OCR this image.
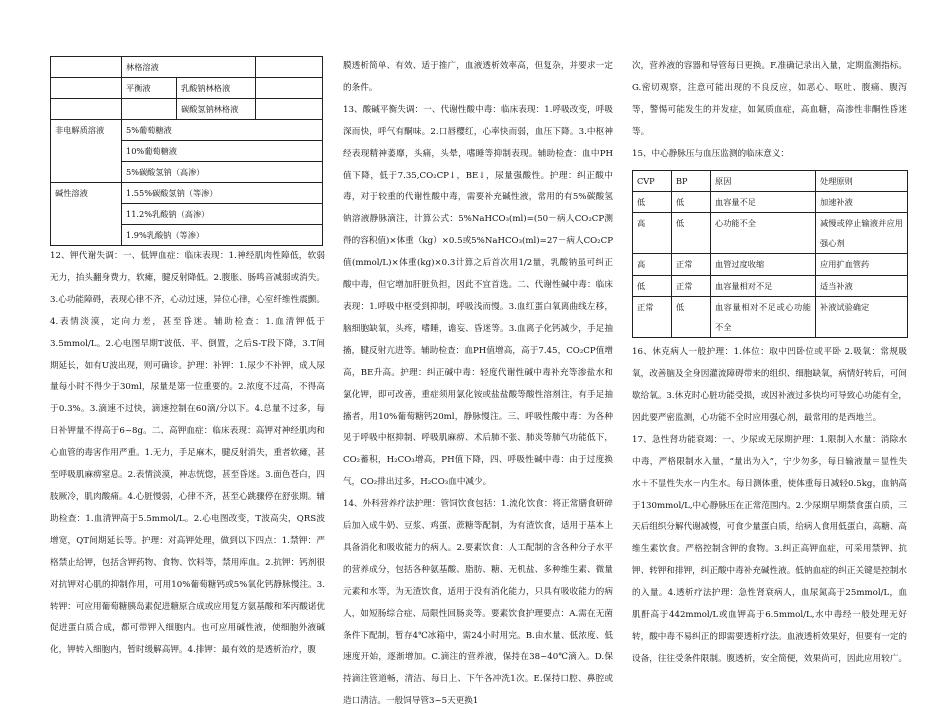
	林格溶液		
	平衡液	乳酸钠林格液	
		碳酸氢钠林格液	
非电解质溶液	5%葡萄糖液		
	10%葡萄糖液		
	5%碳酸氢钠（高渗）		
碱性溶液	1.55%碳酸氢钠（等渗）		
	11.2%乳酸钠（高渗）		
	1.9%乳酸钠（等渗）		

12、钾代谢失调：一、低钾血症：临床表现：1.神经肌肉性障低，软弱无力，抬头翻身费力，软瘫，腱反射降低。2.腹胀、肠鸣音减弱或消失。3.心功能障碍，表现心律不齐，心动过速，异位心律，心室纤维性震颤。4.表情淡漠，定向力差，甚至昏迷。辅助检查：1.血清钾低于3.5mmol/L。2.心电图早期T波低、平、倒置，之后S-T段下降，3.T间期延长，如有U波出现，则可确诊。护理：补钾：1.尿少不补钾，成人尿量每小时不得少于30ml，尿量是第一位重要的。2.浓度不过高，不得高于0.3%。3.滴速不过快，滴速控制在60滴/分以下。4.总量不过多，每日补钾量不得高于6~8g。二、高钾血症：临床表现：高钾对神经肌肉和心血管的毒害作用严重。1.无力，手足麻木，腱反射消失，重者软瘫，甚至呼吸肌麻痹窒息。2.表情淡漠，神志恍惚，甚至昏迷。3.面色苍白，四肢厥冷，肌肉酸痛。4.心脏慢弱，心律不齐，甚至心跳骤停在舒张期。辅助检查：1.血清钾高于5.5mmol/L。2.心电图改变，T波高尖，QRS波增宽，QT间期延长等。护理：对高钾处理，做到以下四点：1.禁钾：严格禁止给钾，包括含钾药物、食物、饮料等，禁用库血。2.抗钾：钙剂很对抗钾对心肌的抑制作用，可用10%葡萄糖钙或5%氧化钙静脉慢注。3.转钾：可应用葡萄糖胰岛素促进糖原合成或应用复方氨基酸和苯丙酸诺优促进蛋白质合成，都可带钾入细胞内。也可应用碱性液，使细胞外液碱化，钾转入细胞内，暂时缓解高钾。4.排钾：最有效的是透析治疗，腹

膜透析简单、有效、适于推广，血液透析效率高，但复杂，并要求一定的条件。

13、酸碱平衡失调：一、代谢性酸中毒：临床表现：1.呼吸改变，呼吸深而快，呼气有酮味。2.口唇樱红，心率快而弱，血压下降。3.中枢神经表现精神萎靡，头痛，头晕，嗜睡等抑制表现。辅助检查：血中PH值下降，低于7.35,CO₂CP↓，BE↓，尿量强酸性。护理：纠正酸中毒，对于较重的代谢性酸中毒，需要补充碱性液，常用的有5%碳酸氢钠溶液静脉滴注，计算公式：5%NaHCO₃(ml)=(50－病人CO₂CP测得的容积值)×体重（kg）×0.5或5%NaHCO₃(ml)=27－病人CO₂CP值(mmol/L)×体重(kg)×0.3计算之后首次用1/2量，乳酸钠虽可纠正酸中毒，但它增加肝脏负担，因此不宜首选。二、代谢性碱中毒：临床表现：1.呼吸中枢受到抑制，呼吸浅而慢。3.血红蛋白氧离曲线左移，脑细胞缺氧，头疼，嗜睡，谵妄、昏迷等。3.血离子化钙减少，手足抽搐，腱反射亢进等。辅助检查：血PH值增高，高于7.45，CO₂CP值增高，BE升高。护理：纠正碱中毒：轻度代谢性碱中毒补充等渗盐水和氯化钾，即可改善，重症须用氯化铵或盐盐酸等酸性溶剂注，有手足抽搐者，用10%葡萄糖钙20ml，静脉慢注。三、呼吸性酸中毒：为各种见于呼吸中枢抑制、呼吸肌麻痹、术后肺不张、肺炎等肺气功能低下，CO₂蓄积，H₂CO₃增高，PH值下降，四、呼吸性碱中毒：由于过度换气，CO₂排出过多，H₂CO₃血中减少。

14、外科营养疗法护理：管饲饮食包括：1.流化饮食：将正常膳食研碎后加入成牛奶、豆浆、鸡蛋、蔗糖等配制，为有渣饮食，适用于基本上具备消化和吸收能力的病人。2.要素饮食：人工配制的含各种分子水平的营养成分，包括各种氨基酸、脂肪、糖、无机盐、多种维生素、微量元素和水等，为无渣饮食，适用于没有消化能力，只具有吸收能力的病人，如短肠综合症、局限性回肠炎等。要素饮食护理要点：A.需在无菌条件下配制，暂存4℃冰箱中，需24小时用完。B.由水量、低浓度、低速度开始，逐渐增加。C.滴注的营养液，保持在38~40℃滴入。D.保持滴注管道畅，清洁、每日上、下午各冲洗1次。E.保持口腔、鼻腔或造口清洁。一般饲导管3~5天更换1

次，营养液的容器和导管每日更换。F.准确记录出入量，定期监测指标。G.密切观察，注意可能出现的不良反应，如恶心、呕吐、腹痛、腹泻等，警惕可能发生的并发症，如氮质血症，高血糖，高渗性非酮性昏迷等。

15、中心静脉压与血压监测的临床意义：

CVP	BP	原因	处理原则
低	低	血容量不足	加速补液
高	低	心功能不全	减慢或停止输液并应用强心剂
高	正常	血管过度收缩	应用扩血管药
低	正常	血容量相对不足	适当补液
正常	低	血容量相对不足或心功能不全	补液试验确定

16、休克病人一般护理：1.体位：取中凹卧位或平卧 2.吸氧：常规吸氧，改善脑及全身因灌流障碍带来的组织、细胞缺氧，病情好转后，可间歇给氧。3.休克时心脏功能受损，或因补液过多快均可导致心功能有全，因此要严密监测，心功能不全时应用强心剂，最常用的是西地兰。

17、急性肾功能衰竭：一、少尿或无尿期护理：1.限制入水量：消除水中毒，严格限制水入量，“量出为入”，宁少勿多，每日输液量＝显性失水＋不显性失水－内生水。每日测体重，使体重每日减轻0.5kg，血钠高于130mmol/L,中心静脉压在正常范围内。2.少尿期早期禁食蛋白质，三天后组织分解代谢减慢，可食少量蛋白质，给病人食用低蛋白，高糖、高维生素饮食。严格控制含钾的食物。3.纠正高钾血症，可采用禁钾、抗钾、转钾和排钾，纠正酸中毒补充碱性液。低钠血症的纠正关键是控制水的入量。4.透析疗法护理：急性肾衰病人，血尿氮高于25mmol/L，血肌酐高于442mmol/L或血钾高于6.5mmol/L,水中毒经一般处理无好转，酸中毒不易纠正的即需要透析疗法。血液透析效果好，但要有一定的设备，往往受条件限制。腹透析，安全简便，效果尚可，因此应用较广。
